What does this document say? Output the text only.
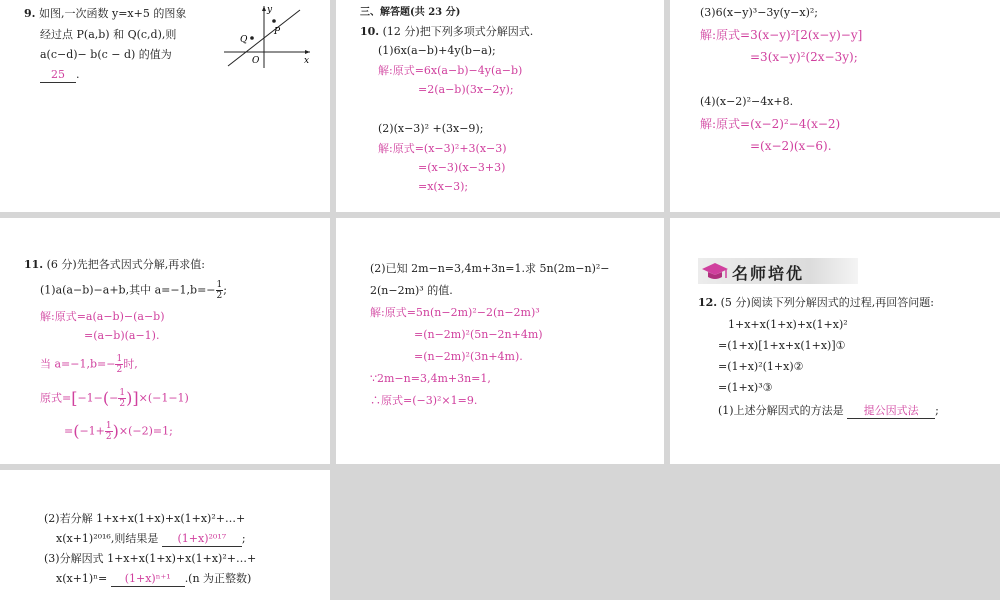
9. 如图,一次函数 y=x+5 的图象
经过点 P(a,b) 和 Q(c,d),则
a(c−d)− b(c − d) 的值为
25 .
y
x
O
P
Q
三、解答题(共 23 分)
10. (12 分)把下列多项式分解因式.
(1)6x(a−b)+4y(b−a);
解:原式=6x(a−b)−4y(a−b)
=2(a−b)(3x−2y);
(2)(x−3)² +(3x−9);
解:原式=(x−3)²+3(x−3)
=(x−3)(x−3+3)
=x(x−3);
(3)6(x−y)³−3y(y−x)²;
解:原式=3(x−y)²[2(x−y)−y]
=3(x−y)²(2x−3y);
(4)(x−2)²−4x+8.
解:原式=(x−2)²−4(x−2)
=(x−2)(x−6).
11. (6 分)先把各式因式分解,再求值:
(1)a(a−b)−a+b,其中 $a=-1,b=- \frac{1}{2}$ ;
解:原式=a(a−b)−(a−b)
=(a−b)(a−1).
当 $a=-1,b=- \frac{1}{2}$ 时,
原式$=[-1-(- \frac{1}{2} )]\times(-1-1)$
$=(-1+ \frac{1}{2} )\times(-2)=1$;
(2)已知 2m−n=3,4m+3n=1.求 5n(2m−n)²−
2(n−2m)³ 的值.
解:原式=5n(n−2m)²−2(n−2m)³
=(n−2m)²(5n−2n+4m)
=(n−2m)²(3n+4m).
∵2m−n=3,4m+3n=1,
∴原式=(−3)²×1=9.
名师培优
12. (5 分)阅读下列分解因式的过程,再回答问题:
1+x+x(1+x)+x(1+x)²
=(1+x)[1+x+x(1+x)]①
=(1+x)²(1+x)②
=(1+x)³③
(1)上述分解因式的方法是 提公因式法 ;
(2)若分解 1+x+x(1+x)+x(1+x)²+…+
x(x+1)²⁰¹⁶,则结果是 (1+x)²⁰¹⁷ ;
(3)分解因式 1+x+x(1+x)+x(1+x)²+…+
x(x+1)ⁿ= (1+x)ⁿ⁺¹ .(n 为正整数)
